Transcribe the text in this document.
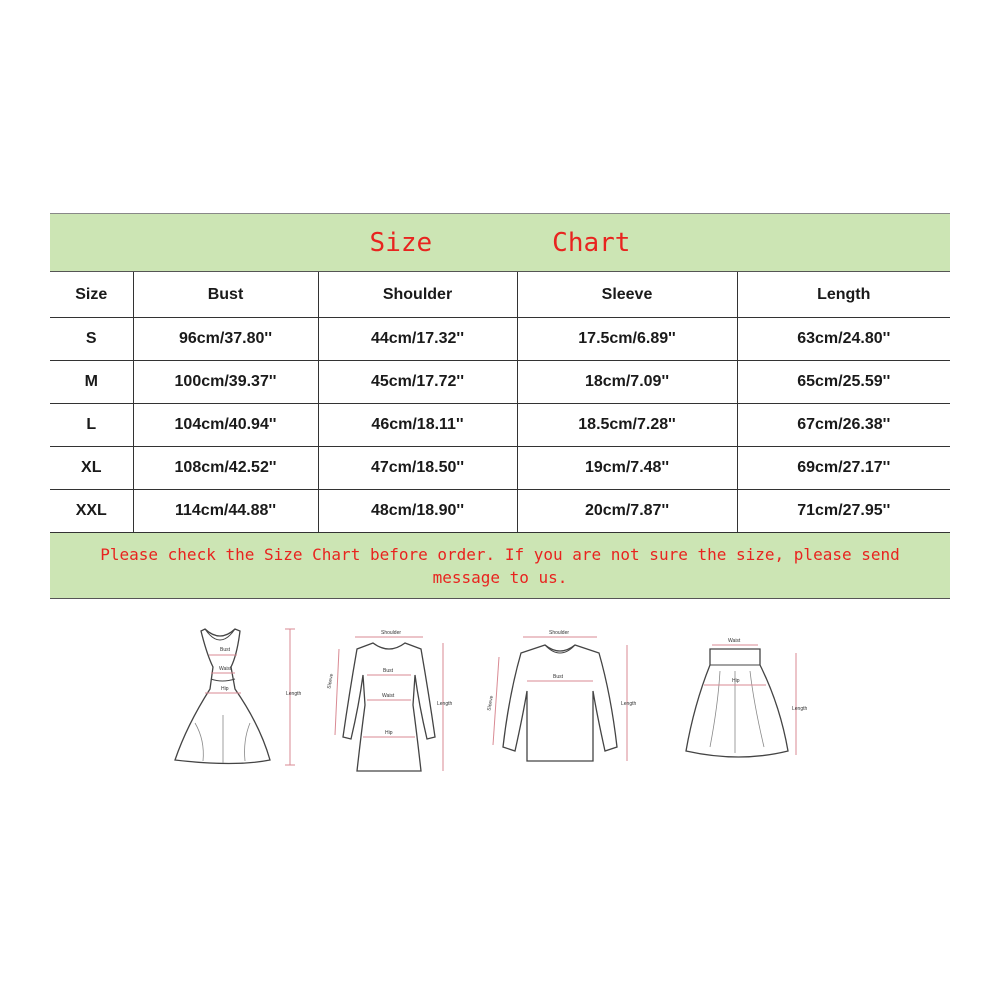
Size	Chart
Size	Bust	Shoulder	Sleeve	Length
S	96cm/37.80''	44cm/17.32''	17.5cm/6.89''	63cm/24.80''
M	100cm/39.37''	45cm/17.72''	18cm/7.09''	65cm/25.59''
L	104cm/40.94''	46cm/18.11''	18.5cm/7.28''	67cm/26.38''
XL	108cm/42.52''	47cm/18.50''	19cm/7.48''	69cm/27.17''
XXL	114cm/44.88''	48cm/18.90''	20cm/7.87''	71cm/27.95''
Please check the Size Chart before order. If you are not sure the size, please send
message to us.
Bust
Waist
Hip
Length
Shoulder
Bust
Waist
Hip
Sleeve
Length
Shoulder
Bust
Sleeve	Length
Waist
Hip
Length
